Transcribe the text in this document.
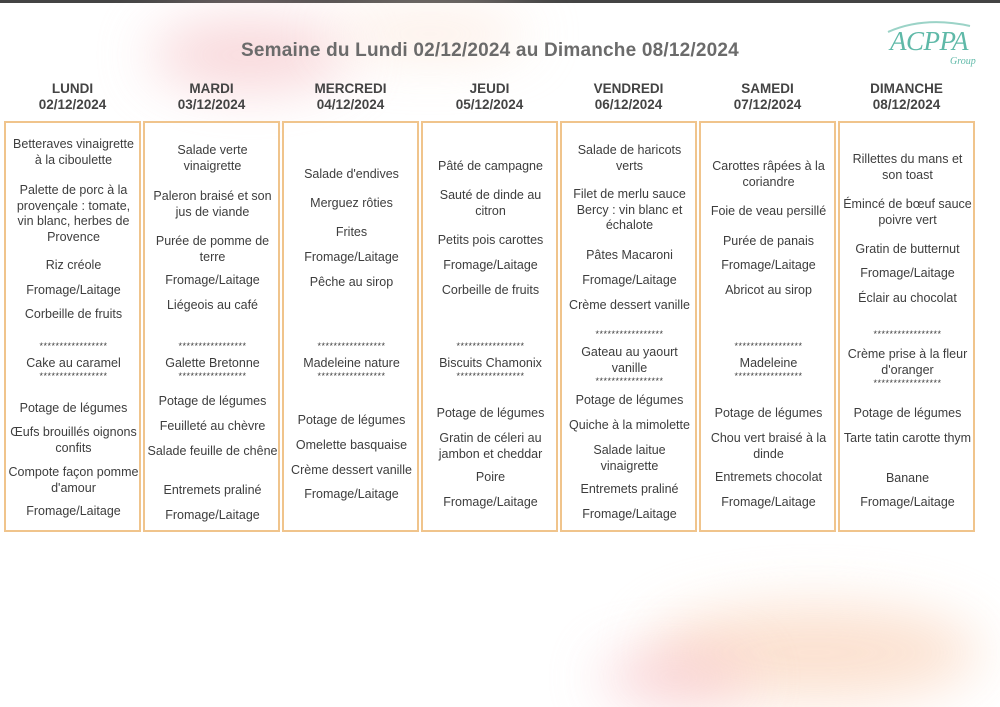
Semaine du Lundi 02/12/2024 au Dimanche 08/12/2024	ACPPA
Group
LUNDI
02/12/2024
Betteraves vinaigrette à la ciboulette
Palette de porc à la provençale : tomate, vin blanc, herbes de Provence
Riz créole
Fromage/Laitage
Corbeille de fruits
*****************
Cake au caramel
*****************
Potage de légumes
Œufs brouillés oignons confits
Compote façon pomme d'amour
Fromage/Laitage
MARDI
03/12/2024
Salade verte vinaigrette
Paleron braisé et son jus de viande
Purée de pomme de terre
Fromage/Laitage
Liégeois au café
*****************
Galette Bretonne
*****************
Potage de légumes
Feuilleté au chèvre
Salade feuille de chêne
Entremets praliné
Fromage/Laitage
MERCREDI
04/12/2024
Salade d'endives
Merguez rôties
Frites
Fromage/Laitage
Pêche au sirop
*****************
Madeleine nature
*****************
Potage de légumes
Omelette basquaise
Crème dessert vanille
Fromage/Laitage
JEUDI
05/12/2024
Pâté de campagne
Sauté de dinde au citron
Petits pois carottes
Fromage/Laitage
Corbeille de fruits
*****************
Biscuits Chamonix
*****************
Potage de légumes
Gratin de céleri au jambon et cheddar
Poire
Fromage/Laitage
VENDREDI
06/12/2024
Salade de haricots verts
Filet de merlu sauce Bercy : vin blanc et échalote
Pâtes Macaroni
Fromage/Laitage
Crème dessert vanille
*****************
Gateau au yaourt vanille
*****************
Potage de légumes
Quiche à la mimolette
Salade laitue vinaigrette
Entremets praliné
Fromage/Laitage
SAMEDI
07/12/2024
Carottes râpées à la coriandre
Foie de veau persillé
Purée de panais
Fromage/Laitage
Abricot au sirop
*****************
Madeleine
*****************
Potage de légumes
Chou vert braisé à la dinde
Entremets chocolat
Fromage/Laitage
DIMANCHE
08/12/2024
Rillettes du mans et son toast
Émincé de bœuf sauce poivre vert
Gratin de butternut
Fromage/Laitage
Éclair au chocolat
*****************
Crème prise à la fleur d'oranger
*****************
Potage de légumes
Tarte tatin carotte thym
Banane
Fromage/Laitage
